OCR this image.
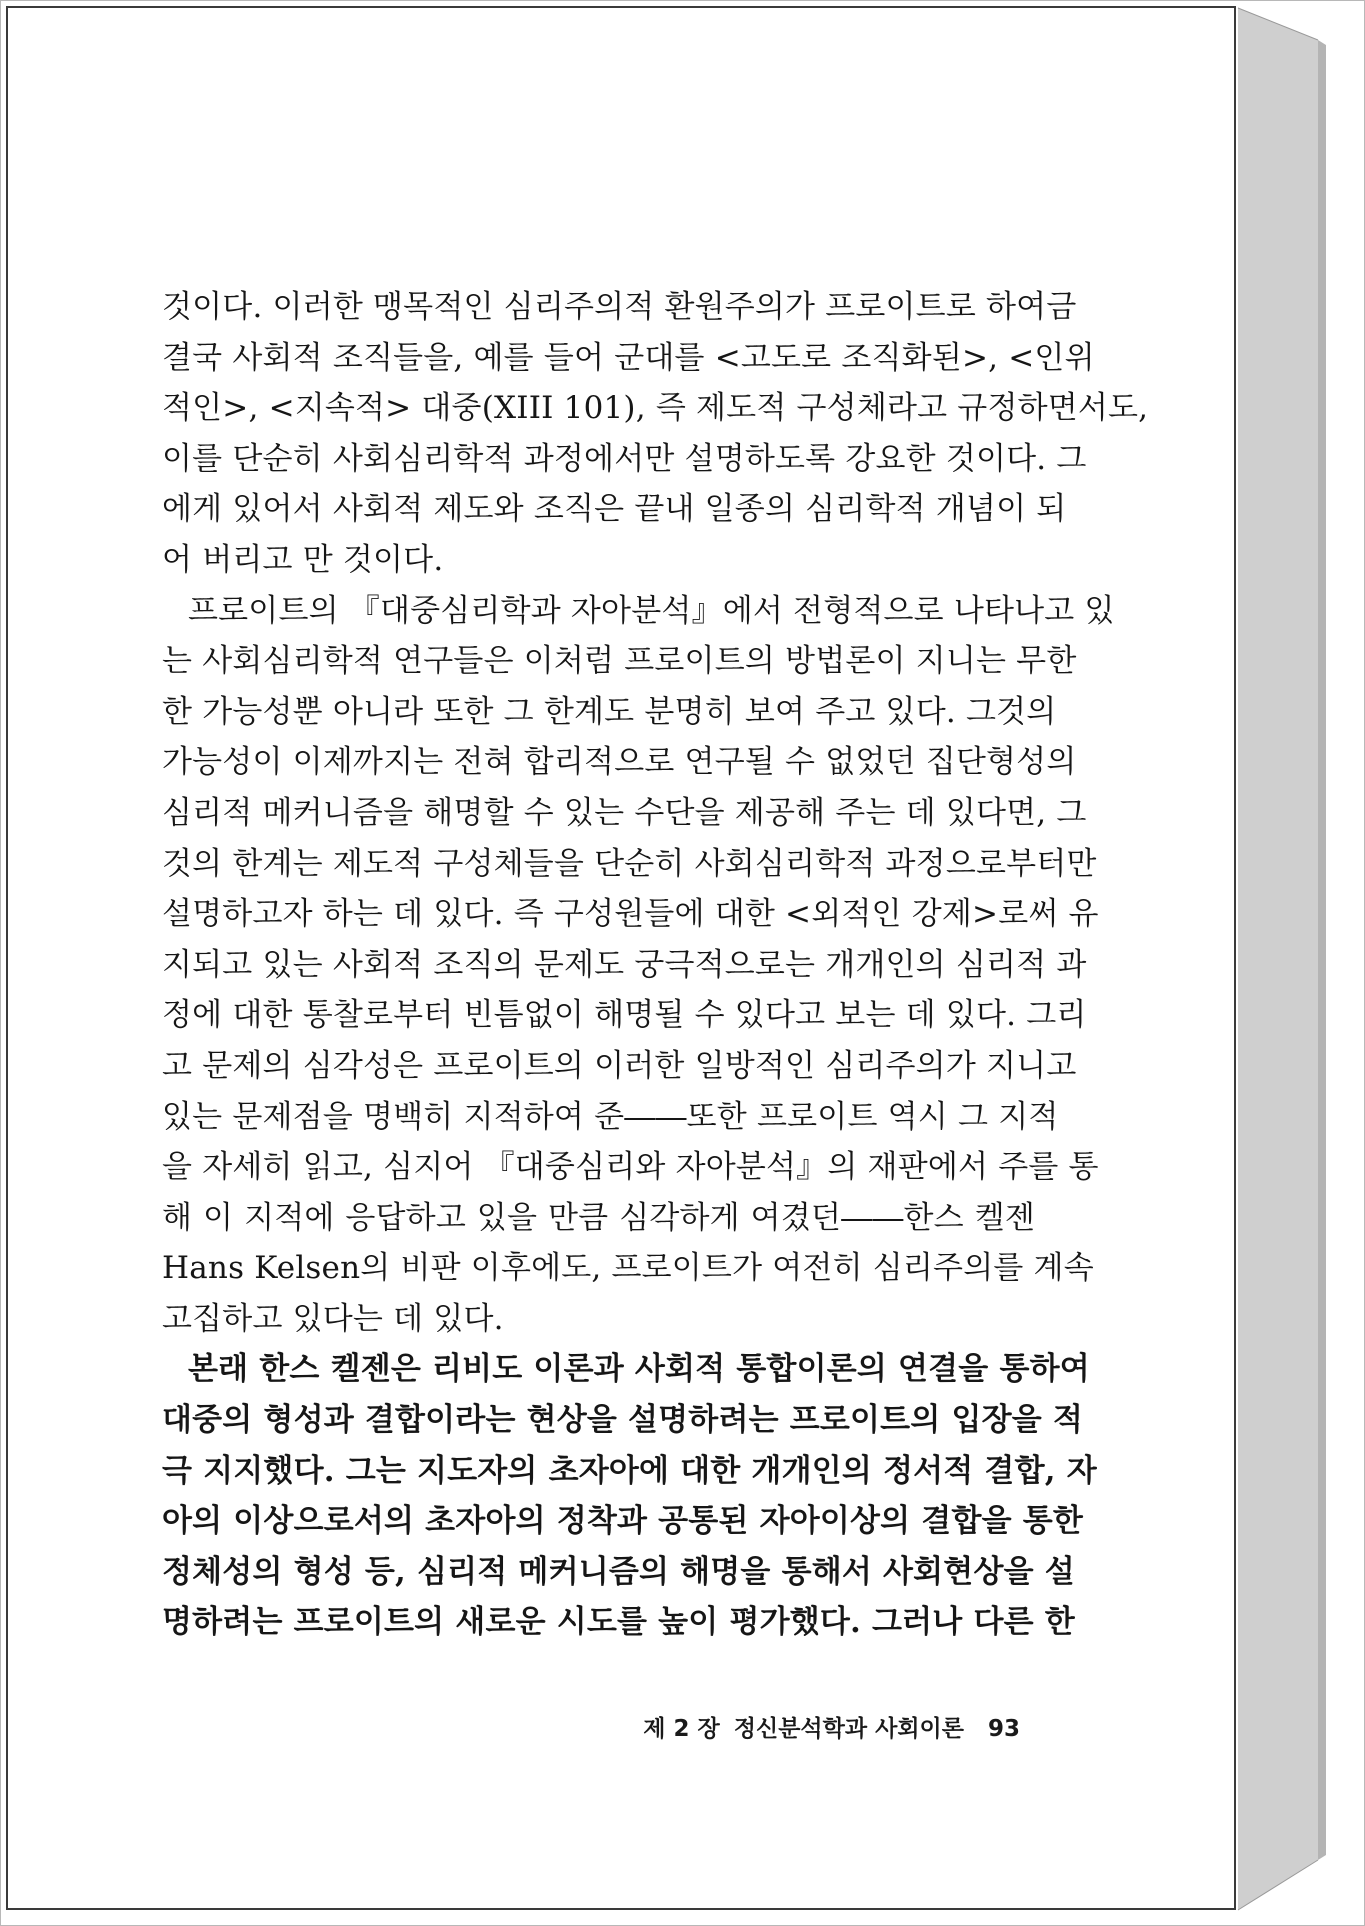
것이다. 이러한 맹목적인 심리주의적 환원주의가 프로이트로 하여금
결국 사회적 조직들을, 예를 들어 군대를 <고도로 조직화된>, <인위
적인>, <지속적> 대중(XIII 101), 즉 제도적 구성체라고 규정하면서도,
이를 단순히 사회심리학적 과정에서만 설명하도록 강요한 것이다. 그
에게 있어서 사회적 제도와 조직은 끝내 일종의 심리학적 개념이 되
어 버리고 만 것이다.
프로이트의 『대중심리학과 자아분석』에서 전형적으로 나타나고 있
는 사회심리학적 연구들은 이처럼 프로이트의 방법론이 지니는 무한
한 가능성뿐 아니라 또한 그 한계도 분명히 보여 주고 있다. 그것의
가능성이 이제까지는 전혀 합리적으로 연구될 수 없었던 집단형성의
심리적 메커니즘을 해명할 수 있는 수단을 제공해 주는 데 있다면, 그
것의 한계는 제도적 구성체들을 단순히 사회심리학적 과정으로부터만
설명하고자 하는 데 있다. 즉 구성원들에 대한 <외적인 강제>로써 유
지되고 있는 사회적 조직의 문제도 궁극적으로는 개개인의 심리적 과
정에 대한 통찰로부터 빈틈없이 해명될 수 있다고 보는 데 있다. 그리
고 문제의 심각성은 프로이트의 이러한 일방적인 심리주의가 지니고
있는 문제점을 명백히 지적하여 준――또한 프로이트 역시 그 지적
을 자세히 읽고, 심지어 『대중심리와 자아분석』의 재판에서 주를 통
해 이 지적에 응답하고 있을 만큼 심각하게 여겼던――한스 켈젠
Hans Kelsen의 비판 이후에도, 프로이트가 여전히 심리주의를 계속
고집하고 있다는 데 있다.
본래 한스 켈젠은 리비도 이론과 사회적 통합이론의 연결을 통하여
대중의 형성과 결합이라는 현상을 설명하려는 프로이트의 입장을 적
극 지지했다. 그는 지도자의 초자아에 대한 개개인의 정서적 결합, 자
아의 이상으로서의 초자아의 정착과 공통된 자아이상의 결합을 통한
정체성의 형성 등, 심리적 메커니즘의 해명을 통해서 사회현상을 설
명하려는 프로이트의 새로운 시도를 높이 평가했다. 그러나 다른 한
제 2 장 정신분석학과 사회이론 93
